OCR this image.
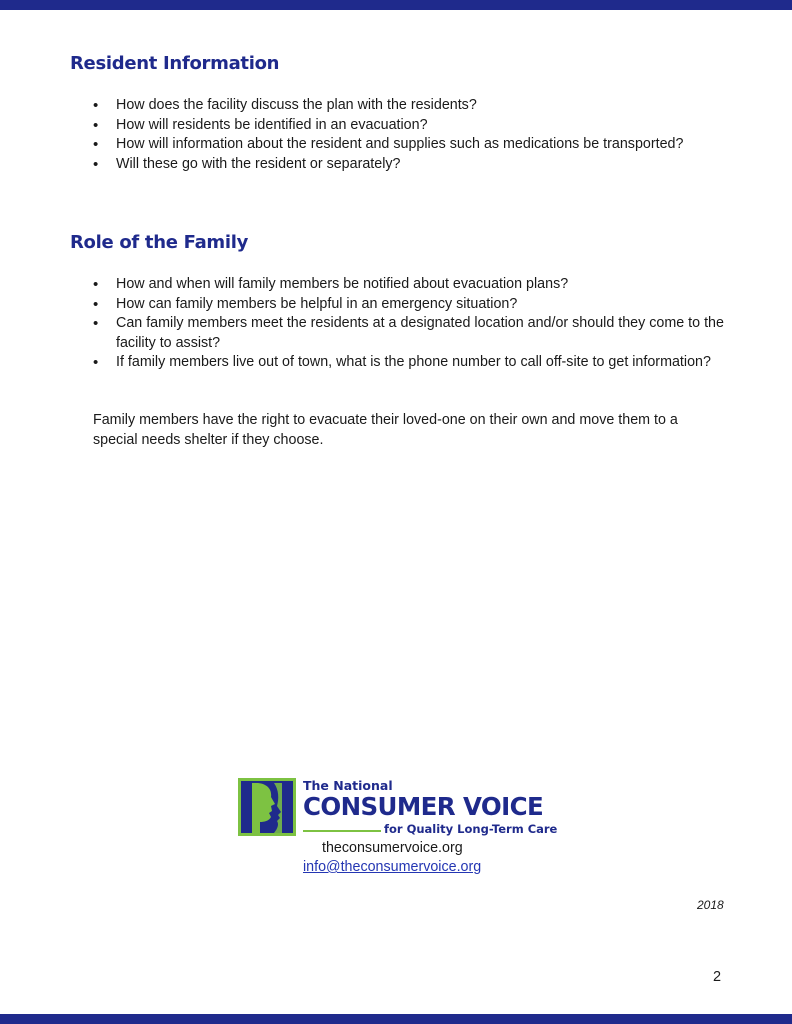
Resident Information
• How does the facility discuss the plan with the residents?
• How will residents be identified in an evacuation?
• How will information about the resident and supplies such as medications be transported?
• Will these go with the resident or separately?
Role of the Family
• How and when will family members be notified about evacuation plans?
• How can family members be helpful in an emergency situation?
• Can family members meet the residents at a designated location and/or should they come to the facility to assist?
• If family members live out of town, what is the phone number to call off-site to get information?

Family members have the right to evacuate their loved-one on their own and move them to a special needs shelter if they choose.

The National
CONSUMER VOICE
for Quality Long-Term Care
theconsumervoice.org
info@theconsumervoice.org
2018
2
